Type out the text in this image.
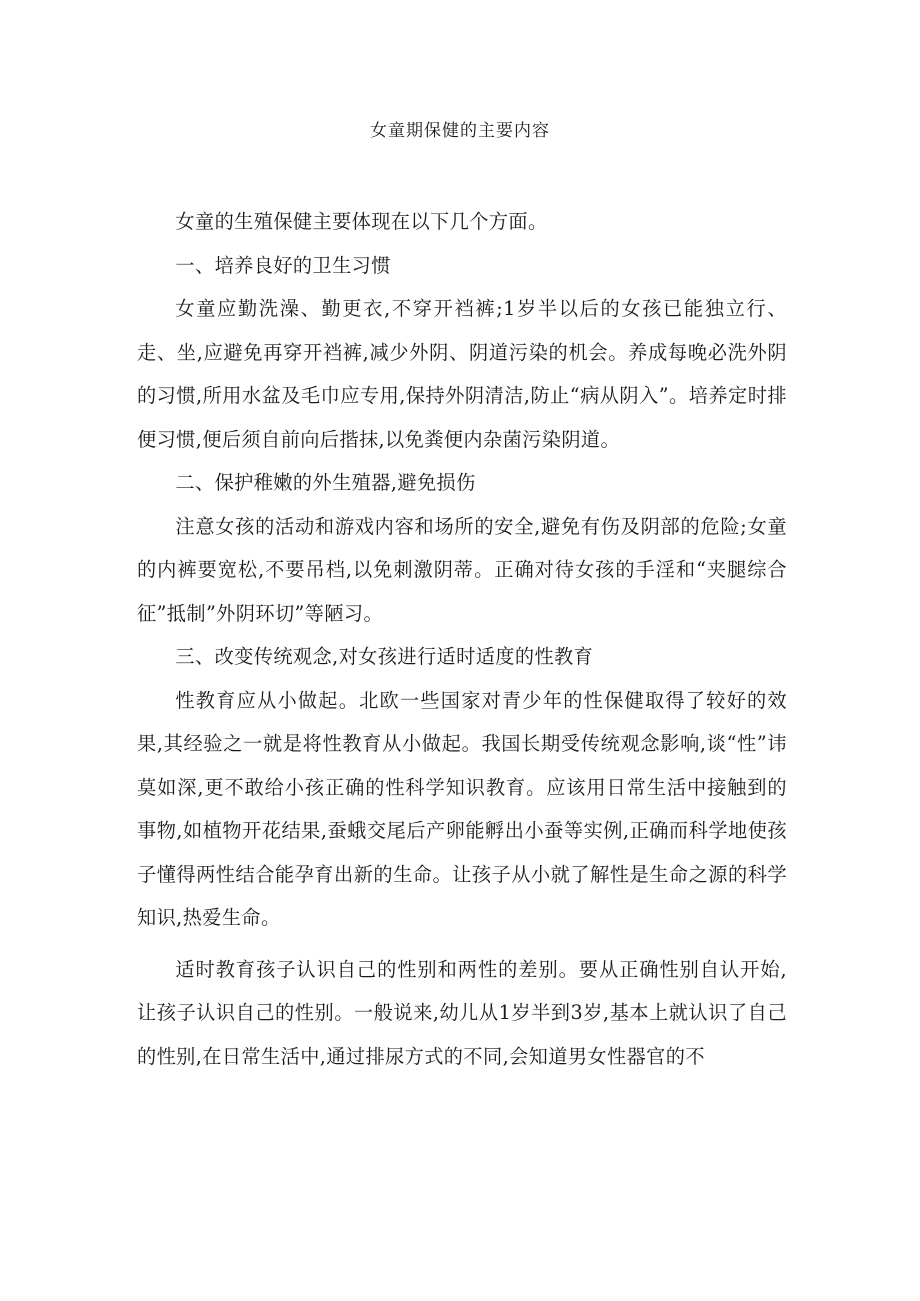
女童期保健的主要内容

女童的生殖保健主要体现在以下几个方面。

一、培养良好的卫生习惯

女童应勤洗澡、勤更衣,不穿开裆裤;1岁半以后的女孩已能独立行、走、坐,应避免再穿开裆裤,减少外阴、阴道污染的机会。养成每晚必洗外阴的习惯,所用水盆及毛巾应专用,保持外阴清洁,防止“病从阴入”。培养定时排便习惯,便后须自前向后揩抹,以免粪便内杂菌污染阴道。

二、保护稚嫩的外生殖器,避免损伤

注意女孩的活动和游戏内容和场所的安全,避免有伤及阴部的危险;女童的内裤要宽松,不要吊档,以免刺激阴蒂。正确对待女孩的手淫和“夹腿综合征”抵制”外阴环切”等陋习。

三、改变传统观念,对女孩进行适时适度的性教育

性教育应从小做起。北欧一些国家对青少年的性保健取得了较好的效果,其经验之一就是将性教育从小做起。我国长期受传统观念影响,谈“性”讳莫如深,更不敢给小孩正确的性科学知识教育。应该用日常生活中接触到的事物,如植物开花结果,蚕蛾交尾后产卵能孵出小蚕等实例,正确而科学地使孩子懂得两性结合能孕育出新的生命。让孩子从小就了解性是生命之源的科学知识,热爱生命。

适时教育孩子认识自己的性别和两性的差别。要从正确性别自认开始,让孩子认识自己的性别。一般说来,幼儿从1岁半到3岁,基本上就认识了自己的性别,在日常生活中,通过排尿方式的不同,会知道男女性器官的不
